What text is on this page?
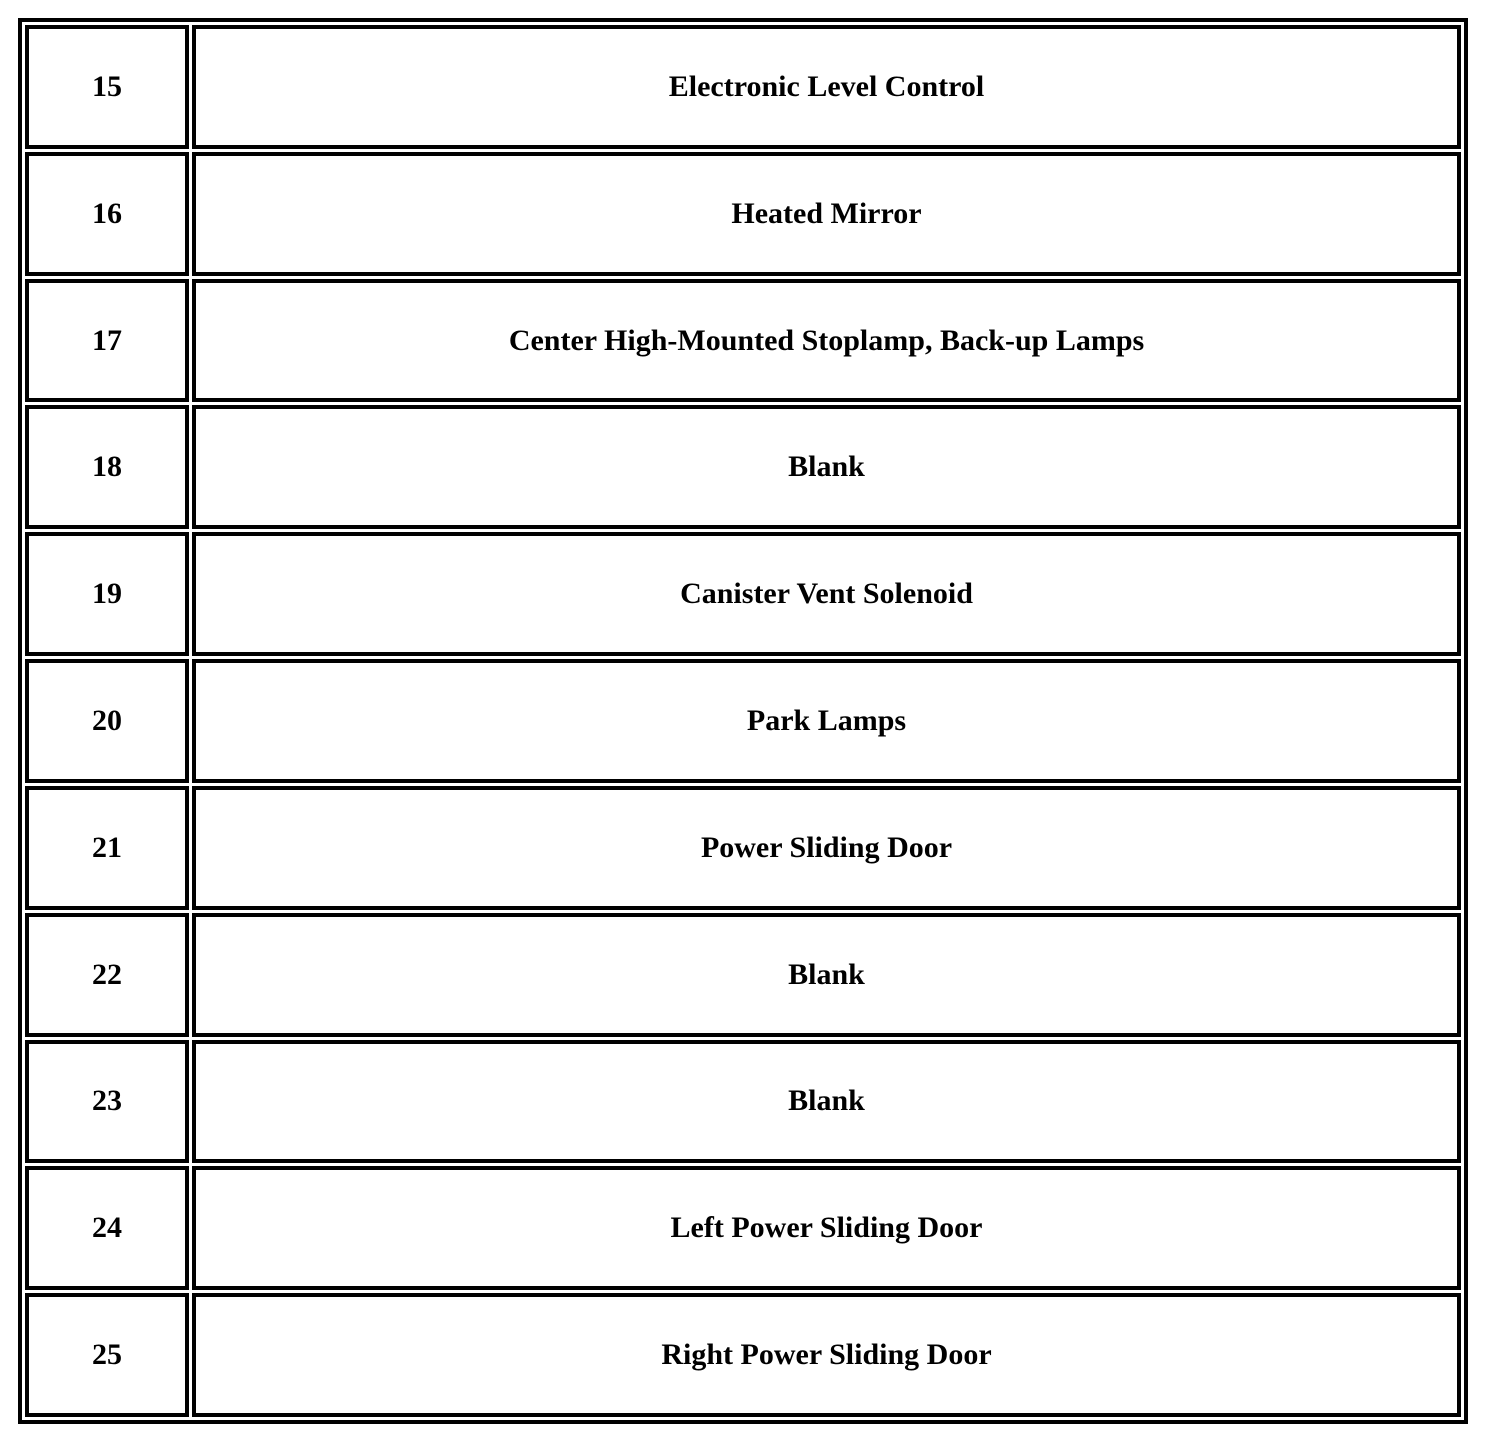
15	Electronic Level Control
16	Heated Mirror
17	Center High-Mounted Stoplamp, Back-up Lamps
18	Blank
19	Canister Vent Solenoid
20	Park Lamps
21	Power Sliding Door
22	Blank
23	Blank
24	Left Power Sliding Door
25	Right Power Sliding Door
